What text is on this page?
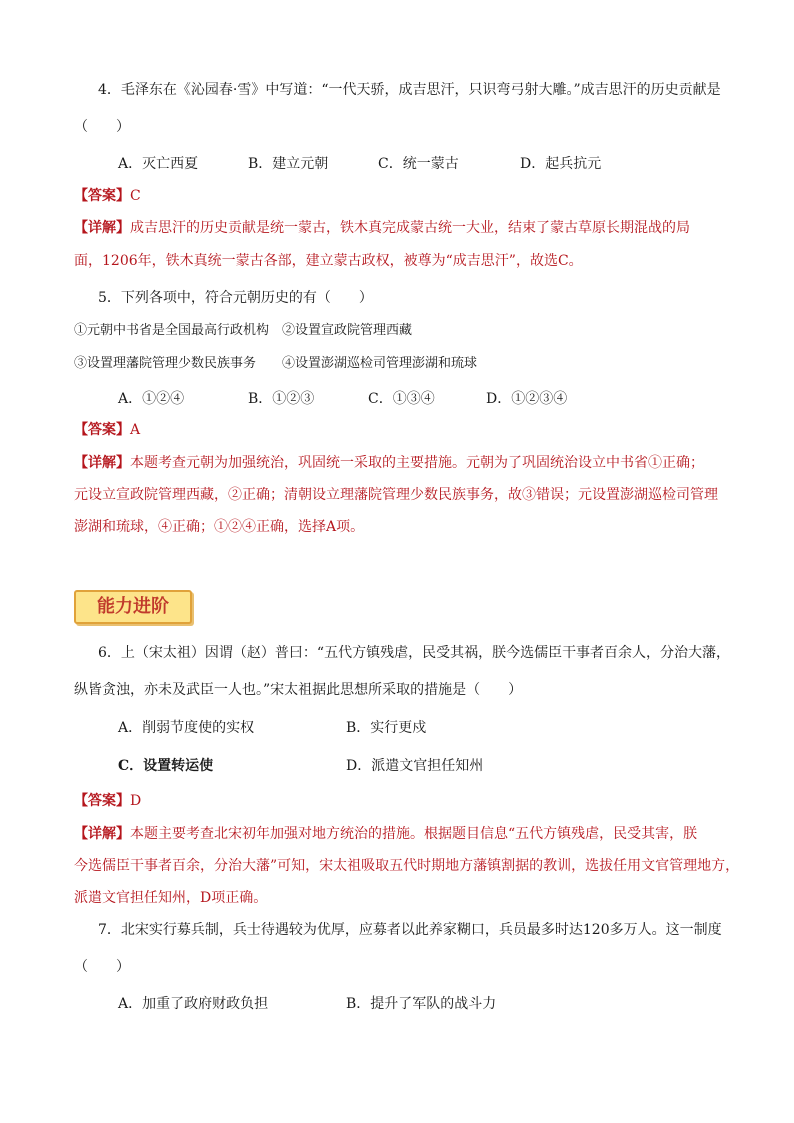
4．毛泽东在《沁园春·雪》中写道：“一代天骄，成吉思汗，只识弯弓射大雕。”成吉思汗的历史贡献是
（　　）
A．灭亡西夏	B．建立元朝	C．统一蒙古	D．起兵抗元
【答案】C
【详解】成吉思汗的历史贡献是统一蒙古，铁木真完成蒙古统一大业，结束了蒙古草原长期混战的局
面，1206年，铁木真统一蒙古各部，建立蒙古政权，被尊为“成吉思汗”，故选C。
5．下列各项中，符合元朝历史的有（　　）
①元朝中书省是全国最高行政机构　②设置宣政院管理西藏
③设置理藩院管理少数民族事务　　④设置澎湖巡检司管理澎湖和琉球
A．①②④	B．①②③	C．①③④	D．①②③④
【答案】A
【详解】本题考查元朝为加强统治，巩固统一采取的主要措施。元朝为了巩固统治设立中书省①正确；
元设立宣政院管理西藏，②正确；清朝设立理藩院管理少数民族事务，故③错误；元设置澎湖巡检司管理
澎湖和琉球，④正确；①②④正确，选择A项。
能力进阶
6．上（宋太祖）因谓（赵）普曰：“五代方镇残虐，民受其祸，朕今选儒臣干事者百余人，分治大藩，
纵皆贪浊，亦未及武臣一人也。”宋太祖据此思想所采取的措施是（　　）
A．削弱节度使的实权	B．实行更戍
C．设置转运使	D．派遣文官担任知州
【答案】D
【详解】本题主要考查北宋初年加强对地方统治的措施。根据题目信息“五代方镇残虐，民受其害，朕
今选儒臣干事者百余，分治大藩”可知，宋太祖吸取五代时期地方藩镇割据的教训，选拔任用文官管理地方，
派遣文官担任知州，D项正确。
7．北宋实行募兵制，兵士待遇较为优厚，应募者以此养家糊口，兵员最多时达120多万人。这一制度
（　　）
A．加重了政府财政负担	B．提升了军队的战斗力
